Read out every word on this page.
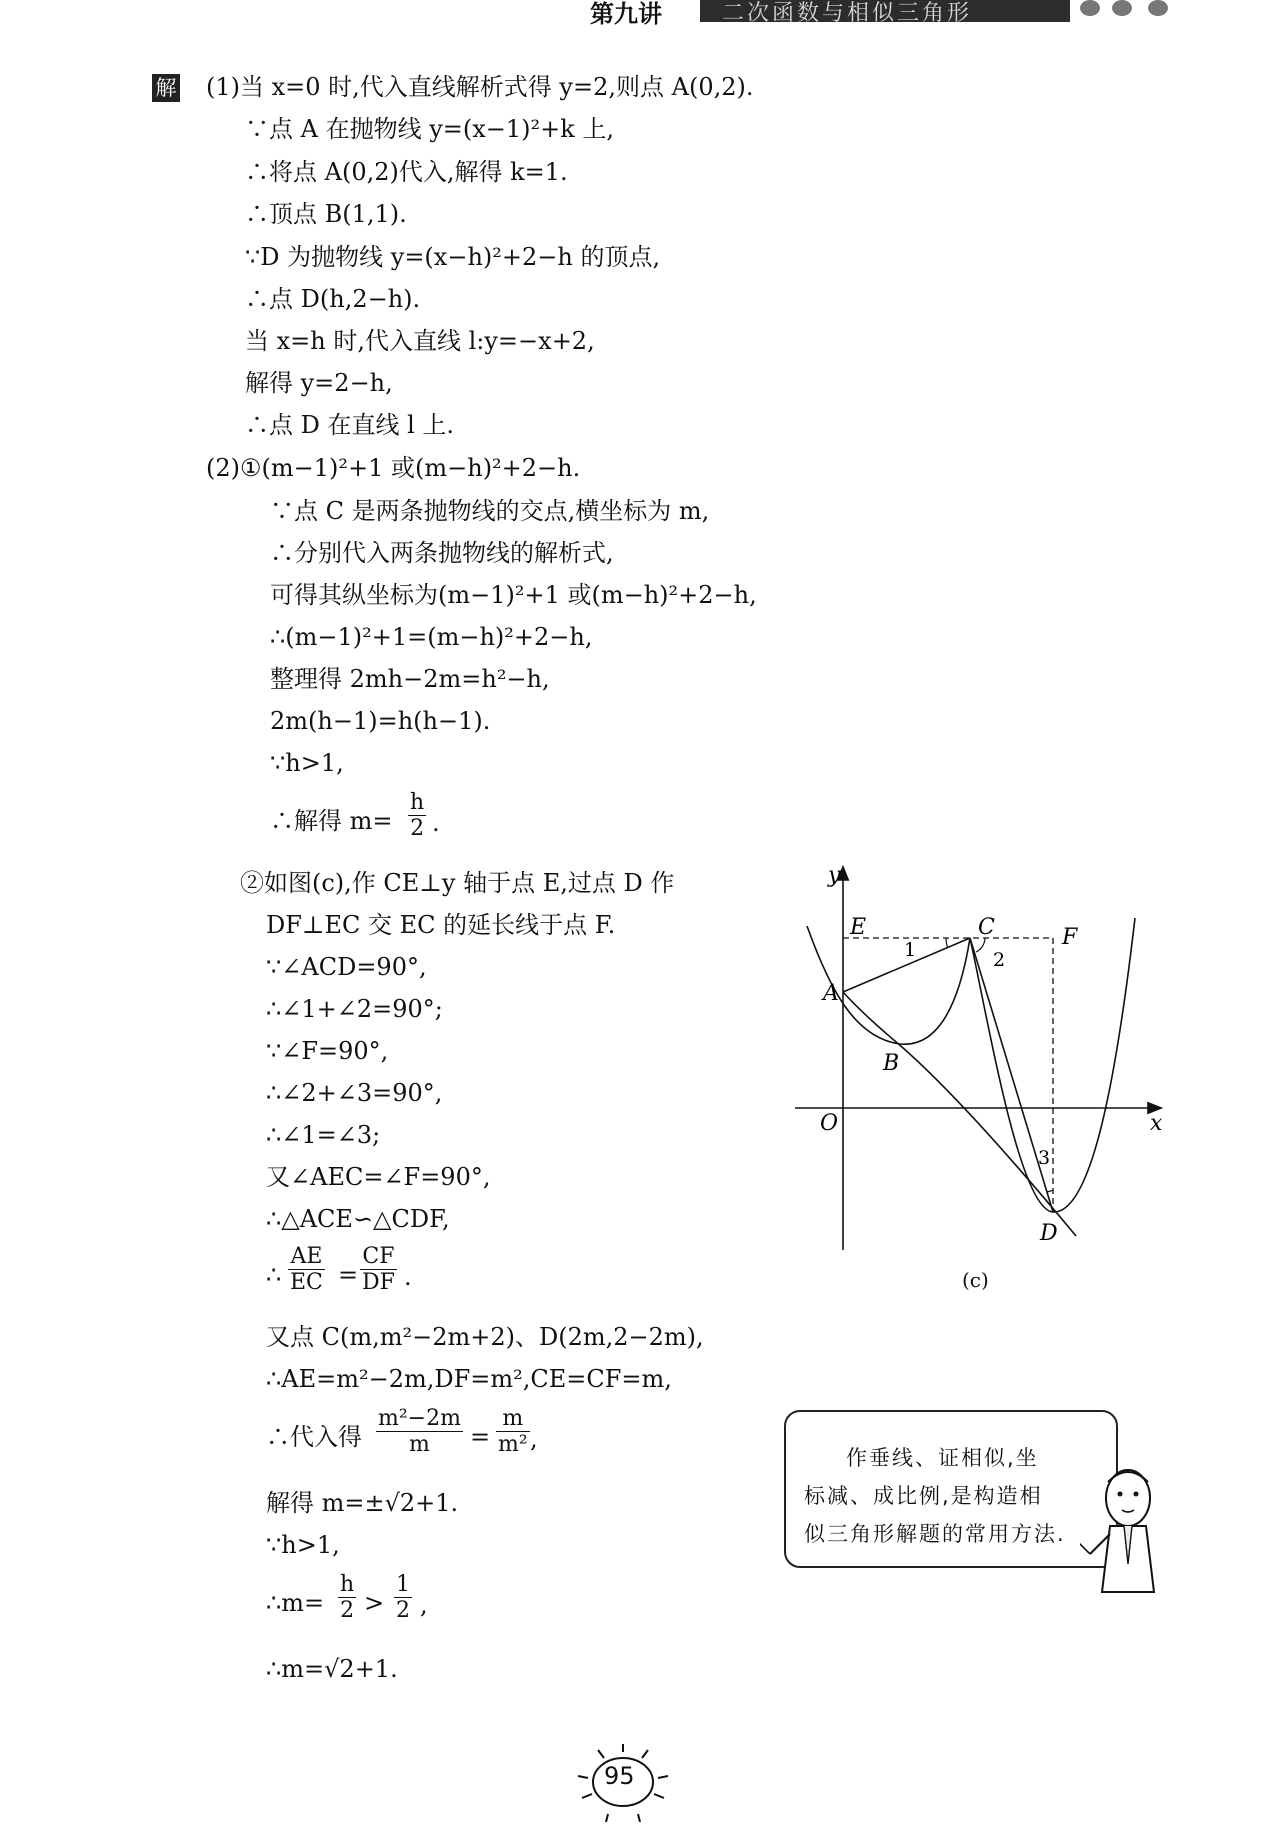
第九讲	二次函数与相似三角形
解 (1)当 x=0 时,代入直线解析式得 y=2,则点 A(0,2).
∵点 A 在抛物线 y=(x−1)²+k 上,
∴将点 A(0,2)代入,解得 k=1.
∴顶点 B(1,1).
∵D 为抛物线 y=(x−h)²+2−h 的顶点,
∴点 D(h,2−h).
当 x=h 时,代入直线 l:y=−x+2,
解得 y=2−h,
∴点 D 在直线 l 上.
(2)①(m−1)²+1 或(m−h)²+2−h.
∵点 C 是两条抛物线的交点,横坐标为 m,
∴分别代入两条抛物线的解析式,
可得其纵坐标为(m−1)²+1 或(m−h)²+2−h,
∴(m−1)²+1=(m−h)²+2−h,
整理得 2mh−2m=h²−h,
2m(h−1)=h(h−1).
∵h>1,
∴解得 $m= \frac{h}{2}$ .
②如图(c),作 CE⊥y 轴于点 E,过点 D 作
DF⊥EC 交 EC 的延长线于点 F.
∵∠ACD=90°,
∴∠1+∠2=90°;
∵∠F=90°,
∴∠2+∠3=90°,
∴∠1=∠3;
又∠AEC=∠F=90°,
∴△ACE∽△CDF,
∴ $\frac{AE}{EC} = \frac{CF}{DF}$ .
又点 C(m,m²−2m+2)、D(2m,2−2m),
∴AE=m²−2m,DF=m²,CE=CF=m,
∴代入得 $\frac{\text{m²−2m}}{m} = \frac{m}{\text{m²}}$ ,
解得 m=±√2+1.
∵h>1,
∴m= $\frac{h}{2} > \frac{1}{2}$ ,
∴m=√2+1.
y
x
O
A
B
C
D
E	F
1	2
3
(c)
作垂线、证相似,坐
标减、成比例,是构造相
似三角形解题的常用方法.
95
